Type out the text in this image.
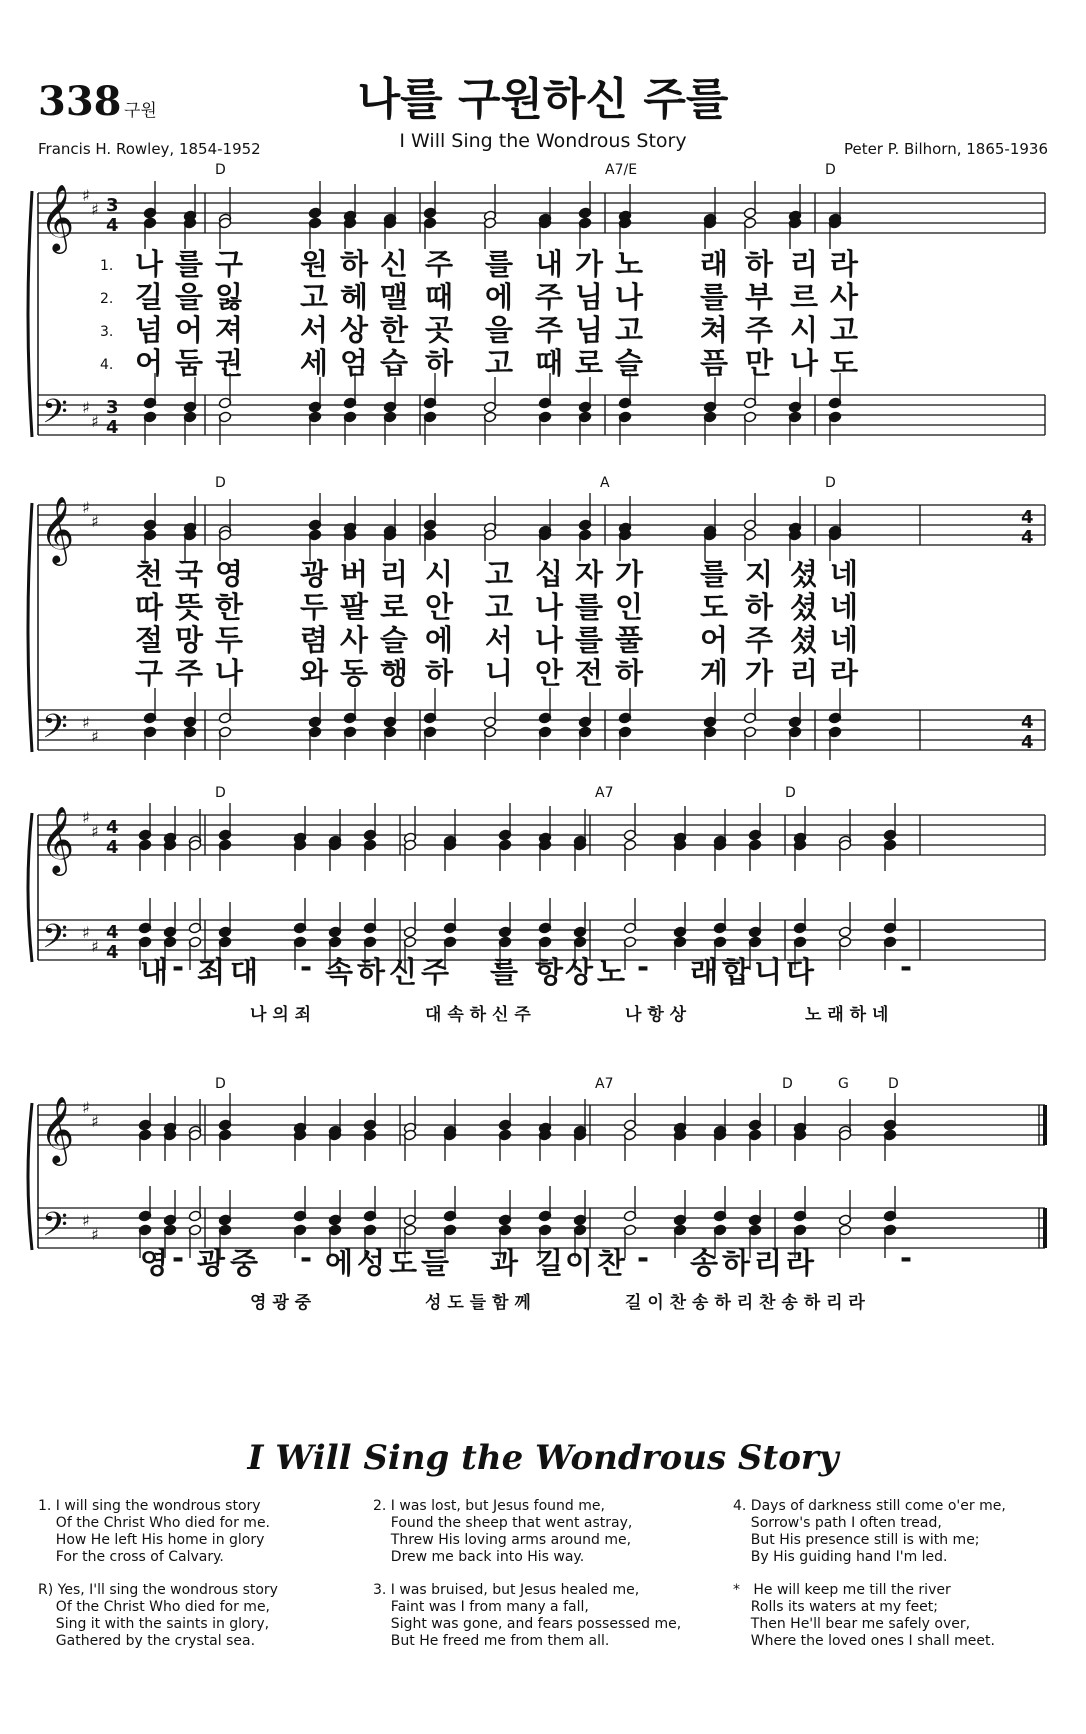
338 구원	나를 구원하신 주를
I Will Sing the Wondrous Story
Francis H. Rowley, 1854-1952	Peter P. Bilhorn, 1865-1936
𝄞
𝄢
♯
♯
♯
♯
3
4
3
4
D	A7/E	D
𝄞
𝄢
♯
♯
♯
♯
4
4
4
4
D	A	D
𝄞
𝄢
♯
♯
♯
♯
4
4
4
4
D	A7	D
𝄞
𝄢
♯
♯
♯
♯
D	A7	D	G	D
1. 나 를 구 원 하 신 주 를 내 가 노 래 하 리 라
2. 길 을 잃 고 헤 맬 때 에 주 님 나 를 부 르 사
3. 넘 어 져 서 상 한 곳 을 주 님 고 쳐 주 시 고
4. 어 둠 권 세 엄 습 하 고 때 로 슬 픔 만 나 도
천 국 영 광 버 리 시 고 십 자 가 를 지 셨 네
따 뜻 한 두 팔 로 안 고 나 를 인 도 하 셨 네
절 망 두 렴 사 슬 에 서 나 를 풀 어 주 셨 네
구 주 나 와 동 행 하 니 안 전 하 게 가 리 라
내 - 죄 대 - 속 하 신 주 를 항 상 노 - 래 합 니 다	-
나 의 죄	대 속 하 신 주	나 항 상	노 래 하 네
영 - 광 중 - 에 성 도 들 과 길 이 찬 - 송 하 리 라	-
영 광 중	성 도 들 함 께	길 이 찬 송 하 리 찬 송 하 리 라
I Will Sing the Wondrous Story
1. I will sing the wondrous story
Of the Christ Who died for me.
How He left His home in glory
For the cross of Calvary.
R) Yes, I'll sing the wondrous story
Of the Christ Who died for me,
Sing it with the saints in glory,
Gathered by the crystal sea.
2. I was lost, but Jesus found me,
Found the sheep that went astray,
Threw His loving arms around me,
Drew me back into His way.
3. I was bruised, but Jesus healed me,
Faint was I from many a fall,
Sight was gone, and fears possessed me,
But He freed me from them all.
4. Days of darkness still come o'er me,
Sorrow's path I often tread,
But His presence still is with me;
By His guiding hand I'm led.
*   He will keep me till the river
Rolls its waters at my feet;
Then He'll bear me safely over,
Where the loved ones I shall meet.
